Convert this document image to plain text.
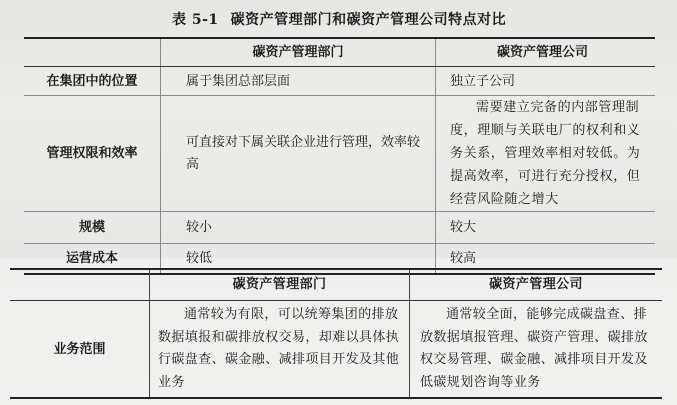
表 5-1 碳资产管理部门和碳资产管理公司特点对比
	碳资产管理部门	碳资产管理公司
在集团中的位置	属于集团总部层面	独立子公司
管理权限和效率	可直接对下属关联企业进行管理，效率较高	需要建立完备的内部管理制度，理顺与关联电厂的权利和义务关系，管理效率相对较低。为提高效率，可进行充分授权，但经营风险随之增大
规模	较小	较大
运营成本	较低	较高
	碳资产管理部门	碳资产管理公司
业务范围	通常较为有限，可以统筹集团的排放数据填报和碳排放权交易，却难以具体执行碳盘查、碳金融、减排项目开发及其他业务	通常较全面，能够完成碳盘查、排放数据填报管理、碳资产管理、碳排放权交易管理、碳金融、减排项目开发及低碳规划咨询等业务
